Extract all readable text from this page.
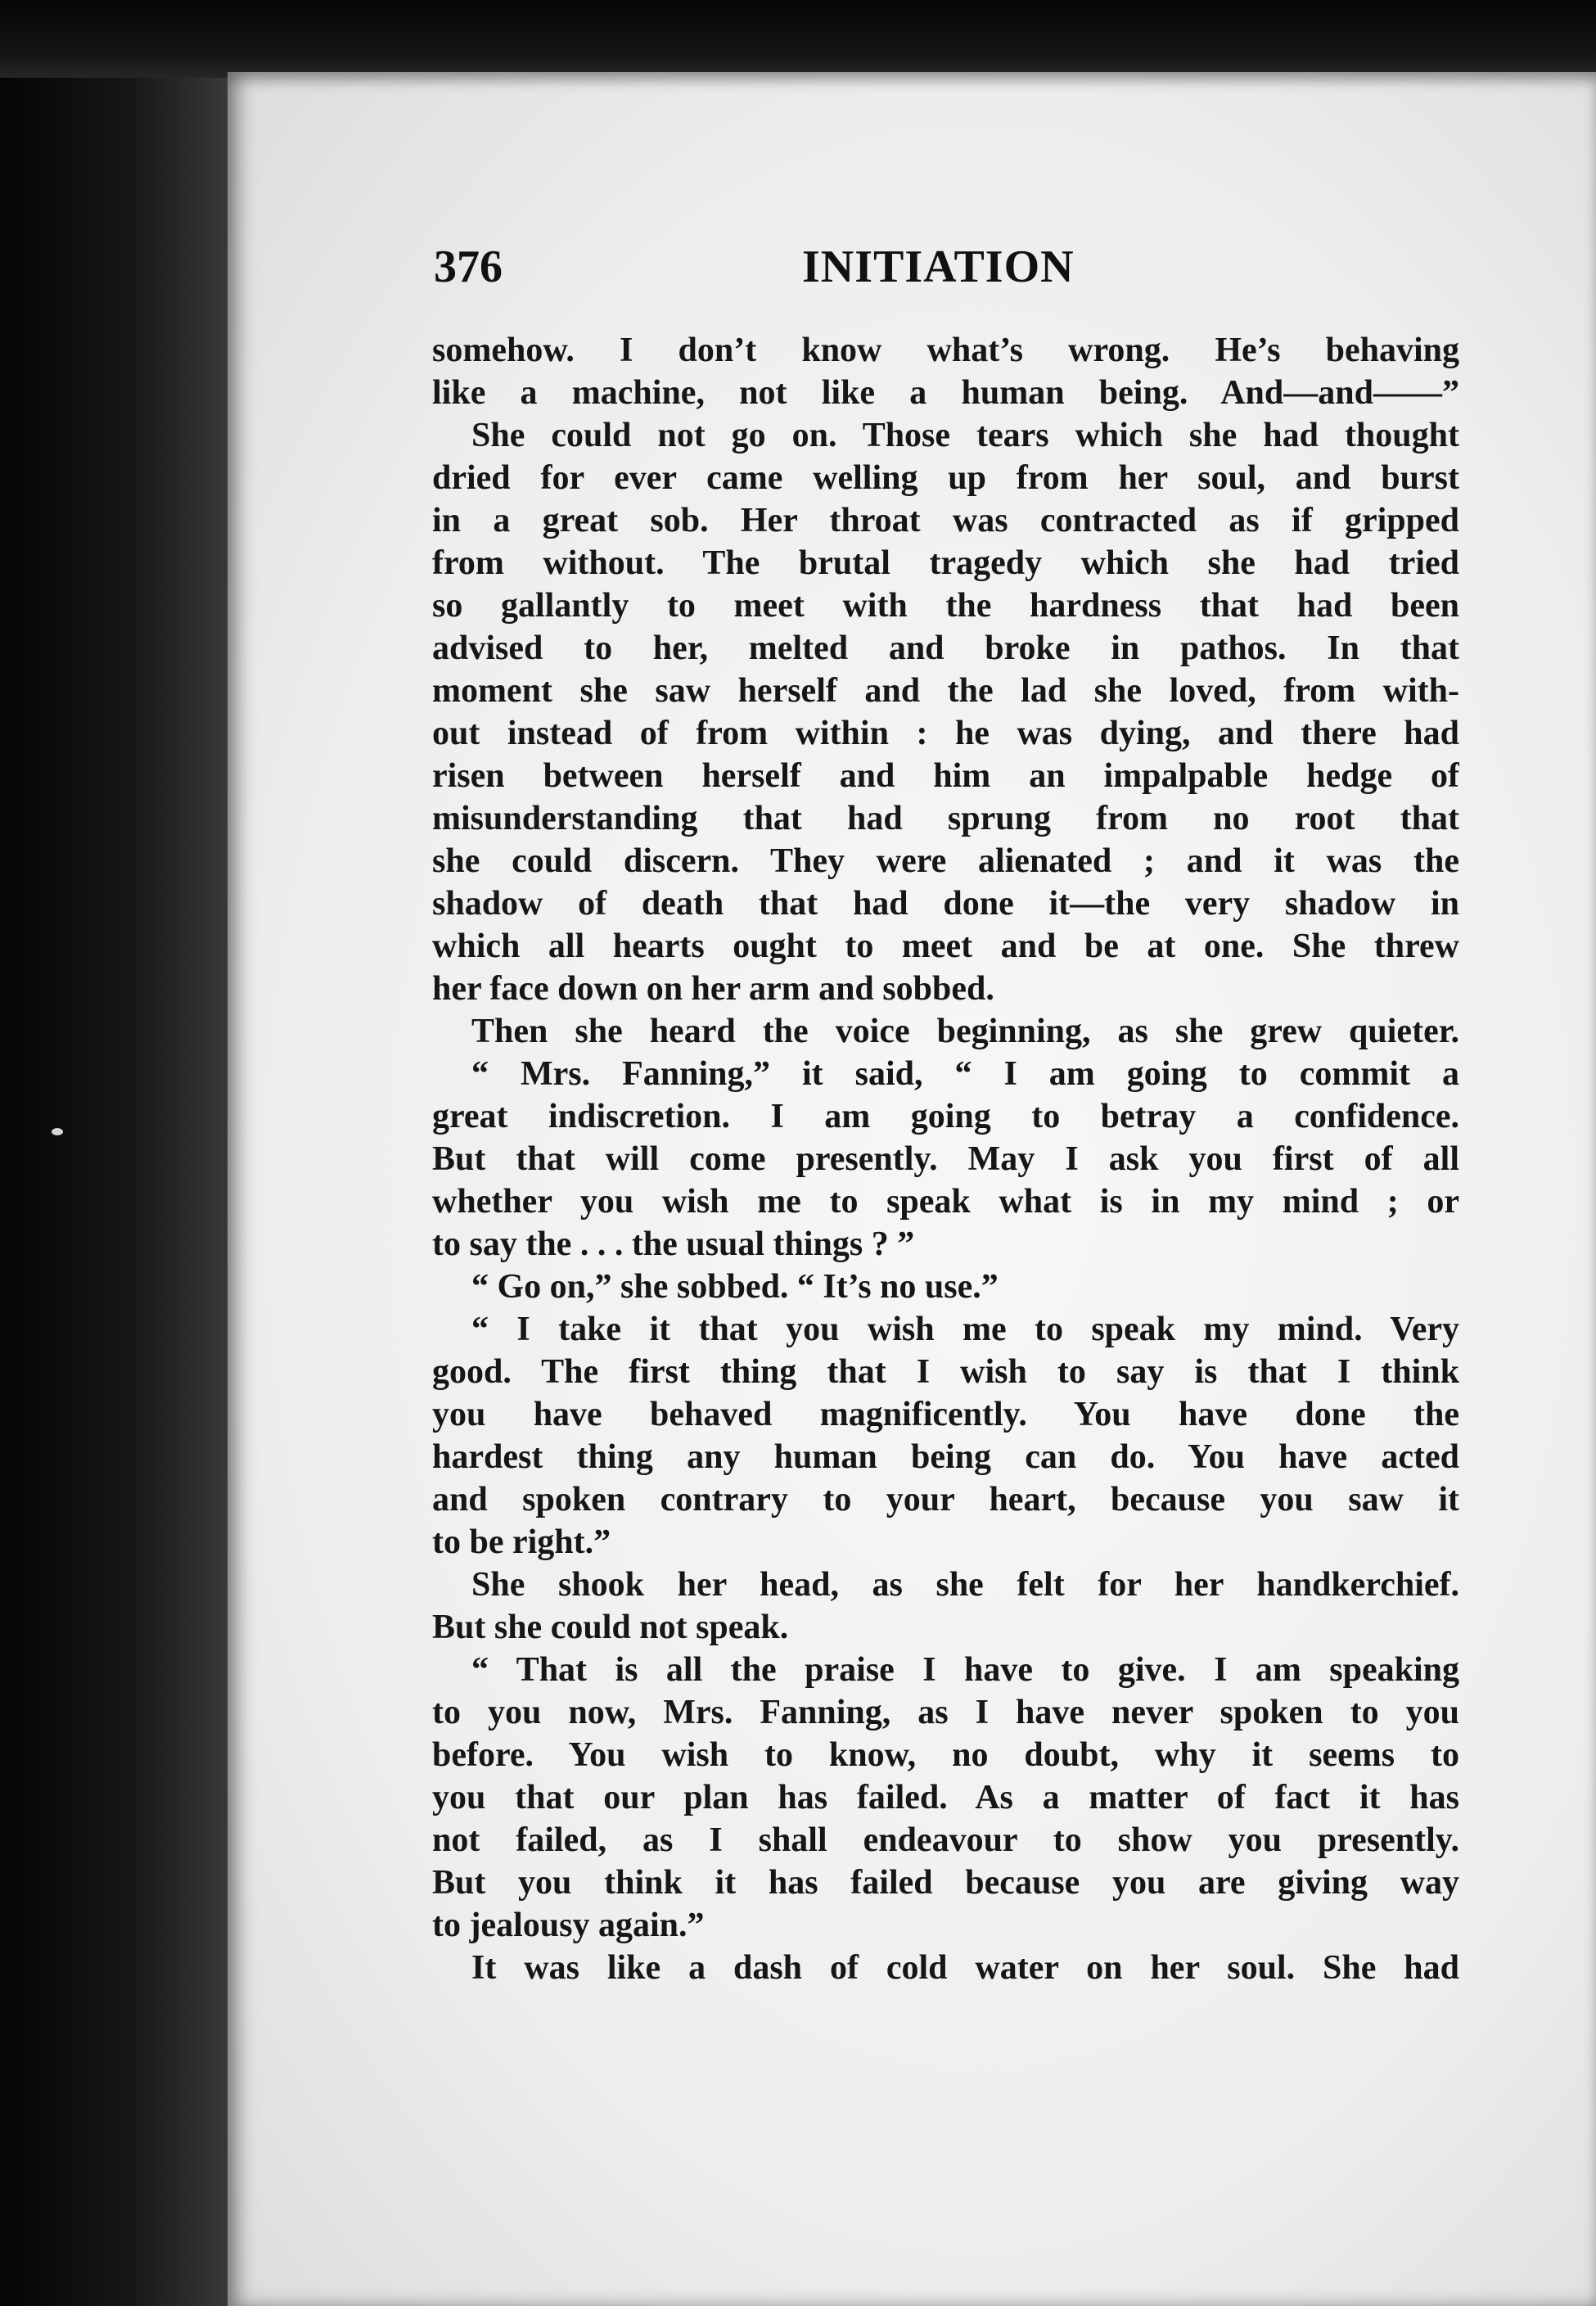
376	INITIATION
somehow. I don’t know what’s wrong. He’s behaving
like a machine, not like a human being. And—and——”
She could not go on. Those tears which she had thought
dried for ever came welling up from her soul, and burst
in a great sob. Her throat was contracted as if gripped
from without. The brutal tragedy which she had tried
so gallantly to meet with the hardness that had been
advised to her, melted and broke in pathos. In that
moment she saw herself and the lad she loved, from with-
out instead of from within : he was dying, and there had
risen between herself and him an impalpable hedge of
misunderstanding that had sprung from no root that
she could discern. They were alienated ; and it was the
shadow of death that had done it—the very shadow in
which all hearts ought to meet and be at one. She threw
her face down on her arm and sobbed.
Then she heard the voice beginning, as she grew quieter.
“ Mrs. Fanning,” it said, “ I am going to commit a
great indiscretion. I am going to betray a confidence.
But that will come presently. May I ask you first of all
whether you wish me to speak what is in my mind ; or
to say the . . . the usual things ? ”
“ Go on,” she sobbed. “ It’s no use.”
“ I take it that you wish me to speak my mind. Very
good. The first thing that I wish to say is that I think
you have behaved magnificently. You have done the
hardest thing any human being can do. You have acted
and spoken contrary to your heart, because you saw it
to be right.”
She shook her head, as she felt for her handkerchief.
But she could not speak.
“ That is all the praise I have to give. I am speaking
to you now, Mrs. Fanning, as I have never spoken to you
before. You wish to know, no doubt, why it seems to
you that our plan has failed. As a matter of fact it has
not failed, as I shall endeavour to show you presently.
But you think it has failed because you are giving way
to jealousy again.”
It was like a dash of cold water on her soul. She had
